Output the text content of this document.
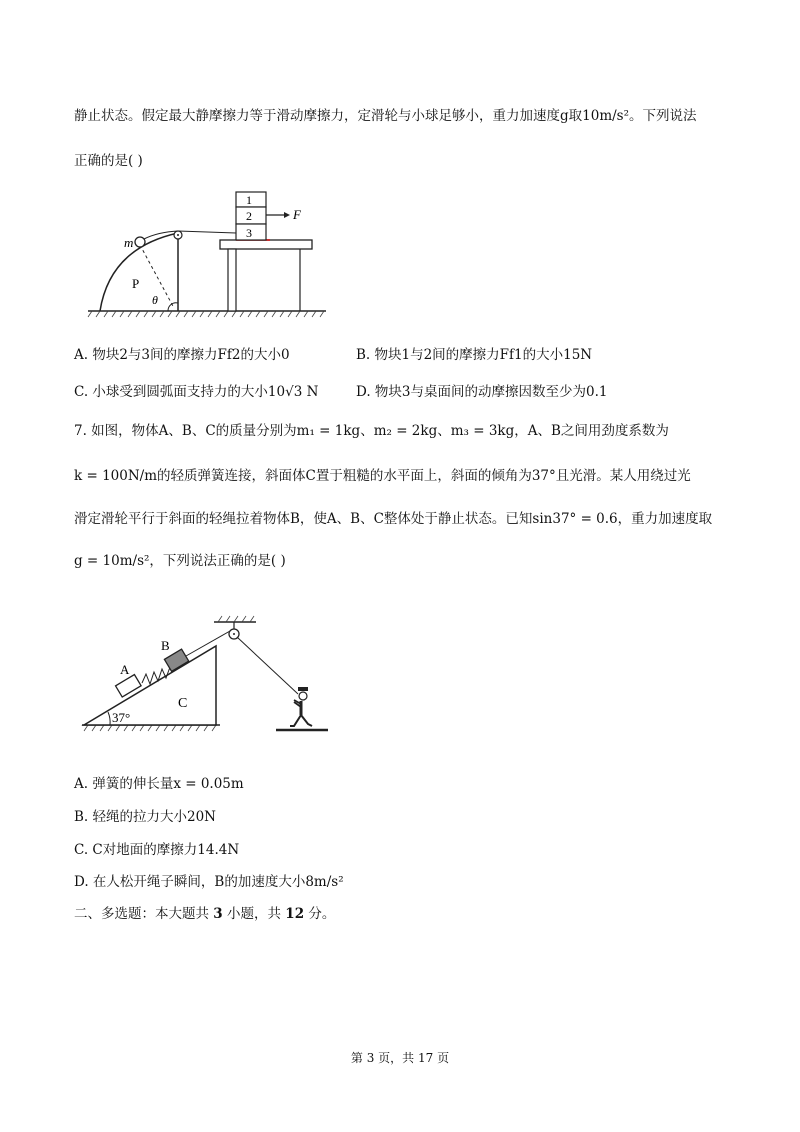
静止状态。假定最大静摩擦力等于滑动摩擦力，定滑轮与小球足够小，重力加速度g取10m/s²。下列说法
正确的是( )
m
P
θ
1
2
3
F
A. 物块2与3间的摩擦力Ff2的大小0	B. 物块1与2间的摩擦力Ff1的大小15N
C. 小球受到圆弧面支持力的大小10√3 N	D. 物块3与桌面间的动摩擦因数至少为0.1
7. 如图，物体A、B、C的质量分别为m₁ = 1kg、m₂ = 2kg、m₃ = 3kg，A、B之间用劲度系数为
k = 100N/m的轻质弹簧连接，斜面体C置于粗糙的水平面上，斜面的倾角为37°且光滑。某人用绕过光
滑定滑轮平行于斜面的轻绳拉着物体B，使A、B、C整体处于静止状态。已知sin37° = 0.6，重力加速度取
g = 10m/s²，下列说法正确的是( )
37°
C
A
B
A. 弹簧的伸长量x = 0.05m
B. 轻绳的拉力大小20N
C. C对地面的摩擦力14.4N
D. 在人松开绳子瞬间，B的加速度大小8m/s²
二、多选题：本大题共 3 小题，共 12 分。
第 3 页，共 17 页
